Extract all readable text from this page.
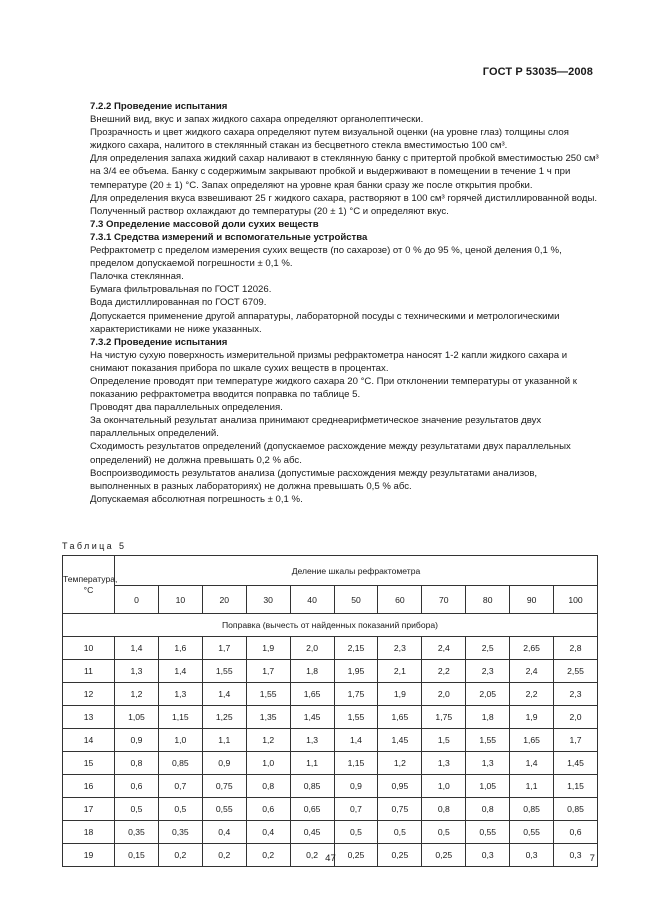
ГОСТ Р 53035—2008

7.2.2 Проведение испытания

Внешний вид, вкус и запах жидкого сахара определяют органолептически.

Прозрачность и цвет жидкого сахара определяют путем визуальной оценки (на уровне глаз) толщины слоя жидкого сахара, налитого в стеклянный стакан из бесцветного стекла вместимостью 100 см³.

Для определения запаха жидкий сахар наливают в стеклянную банку с притертой пробкой вместимостью 250 см³ на 3/4 ее объема. Банку с содержимым закрывают пробкой и выдерживают в помещении в течение 1 ч при температуре (20 ± 1) °С. Запах определяют на уровне края банки сразу же после открытия пробки.

Для определения вкуса взвешивают 25 г жидкого сахара, растворяют в 100 см³ горячей дистиллированной воды. Полученный раствор охлаждают до температуры (20 ± 1) °С и определяют вкус.

7.3 Определение массовой доли сухих веществ

7.3.1 Средства измерений и вспомогательные устройства

Рефрактометр с пределом измерения сухих веществ (по сахарозе) от 0 % до 95 %, ценой деления 0,1 %, пределом допускаемой погрешности ± 0,1 %.

Палочка стеклянная.

Бумага фильтровальная по ГОСТ 12026.

Вода дистиллированная по ГОСТ 6709.

Допускается применение другой аппаратуры, лабораторной посуды с техническими и метрологическими характеристиками не ниже указанных.

7.3.2 Проведение испытания

На чистую сухую поверхность измерительной призмы рефрактометра наносят 1-2 капли жидкого сахара и снимают показания прибора по шкале сухих веществ в процентах.

Определение проводят при температуре жидкого сахара 20 °С. При отклонении температуры от указанной к показанию рефрактометра вводится поправка по таблице 5.

Проводят два параллельных определения.

За окончательный результат анализа принимают среднеарифметическое значение результатов двух параллельных определений.

Сходимость результатов определений (допускаемое расхождение между результатами двух параллельных определений) не должна превышать 0,2 % абс.

Воспроизводимость результатов анализа (допустимые расхождения между результатами анализов, выполненных в разных лабораториях) не должна превышать 0,5 % абс.

Допускаемая абсолютная погрешность ± 0,1 %.

Таблица 5
Температура, °С	Деление шкалы рефрактометра										
	0	10	20	30	40	50	60	70	80	90	100
Поправка (вычесть от найденных показаний прибора)											
10	1,4	1,6	1,7	1,9	2,0	2,15	2,3	2,4	2,5	2,65	2,8
11	1,3	1,4	1,55	1,7	1,8	1,95	2,1	2,2	2,3	2,4	2,55
12	1,2	1,3	1,4	1,55	1,65	1,75	1,9	2,0	2,05	2,2	2,3
13	1,05	1,15	1,25	1,35	1,45	1,55	1,65	1,75	1,8	1,9	2,0
14	0,9	1,0	1,1	1,2	1,3	1,4	1,45	1,5	1,55	1,65	1,7
15	0,8	0,85	0,9	1,0	1,1	1,15	1,2	1,3	1,3	1,4	1,45
16	0,6	0,7	0,75	0,8	0,85	0,9	0,95	1,0	1,05	1,1	1,15
17	0,5	0,5	0,55	0,6	0,65	0,7	0,75	0,8	0,8	0,85	0,85
18	0,35	0,35	0,4	0,4	0,45	0,5	0,5	0,5	0,55	0,55	0,6
19	0,15	0,2	0,2	0,2	0,2	0,25	0,25	0,25	0,3	0,3	0,3
47	7
